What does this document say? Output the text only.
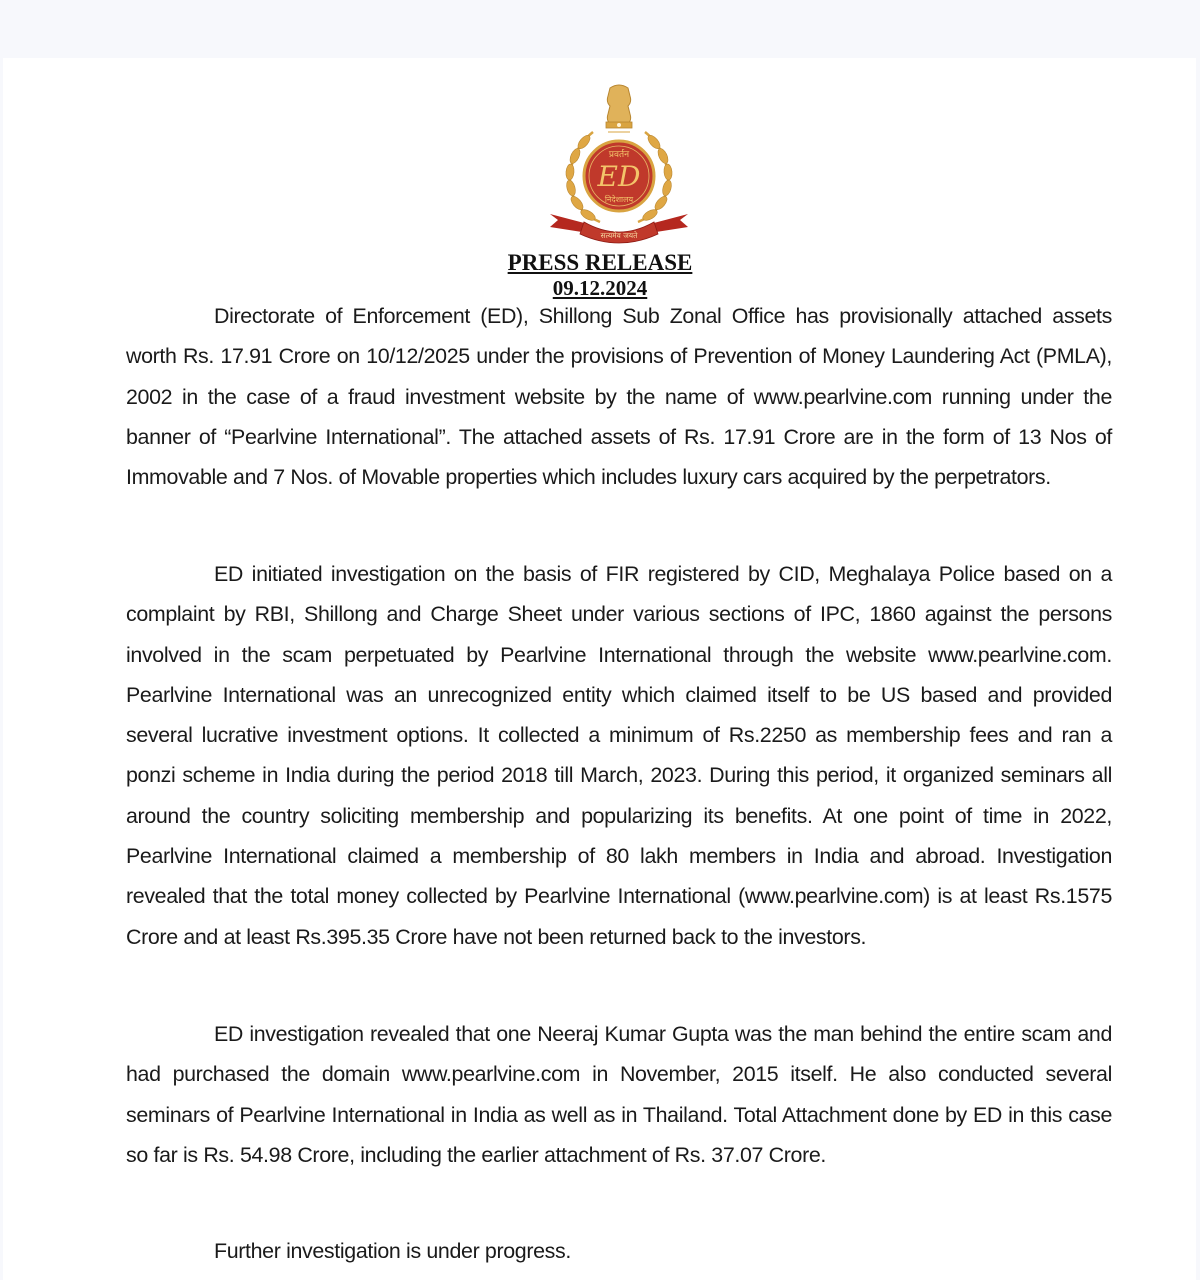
ED
प्रवर्तन
निदेशालय
सत्यमेव जयते
PRESS RELEASE
09.12.2024

Directorate of Enforcement (ED), Shillong Sub Zonal Office has provisionally attached assets worth Rs. 17.91 Crore on 10/12/2025 under the provisions of Prevention of Money Laundering Act (PMLA), 2002 in the case of a fraud investment website by the name of www.pearlvine.com running under the banner of “Pearlvine International”. The attached assets of Rs. 17.91 Crore are in the form of 13 Nos of Immovable and 7 Nos. of Movable properties which includes luxury cars acquired by the perpetrators.

ED initiated investigation on the basis of FIR registered by CID, Meghalaya Police based on a complaint by RBI, Shillong and Charge Sheet under various sections of IPC, 1860 against the persons involved in the scam perpetuated by Pearlvine International through the website www.pearlvine.com. Pearlvine International was an unrecognized entity which claimed itself to be US based and provided several lucrative investment options. It collected a minimum of Rs.2250 as membership fees and ran a ponzi scheme in India during the period 2018 till March, 2023. During this period, it organized seminars all around the country soliciting membership and popularizing its benefits. At one point of time in 2022, Pearlvine International claimed a membership of 80 lakh members in India and abroad. Investigation revealed that the total money collected by Pearlvine International (www.pearlvine.com) is at least Rs.1575 Crore and at least Rs.395.35 Crore have not been returned back to the investors.

ED investigation revealed that one Neeraj Kumar Gupta was the man behind the entire scam and had purchased the domain www.pearlvine.com in November, 2015 itself. He also conducted several seminars of Pearlvine International in India as well as in Thailand. Total Attachment done by ED in this case so far is Rs. 54.98 Crore, including the earlier attachment of Rs. 37.07 Crore.

Further investigation is under progress.
